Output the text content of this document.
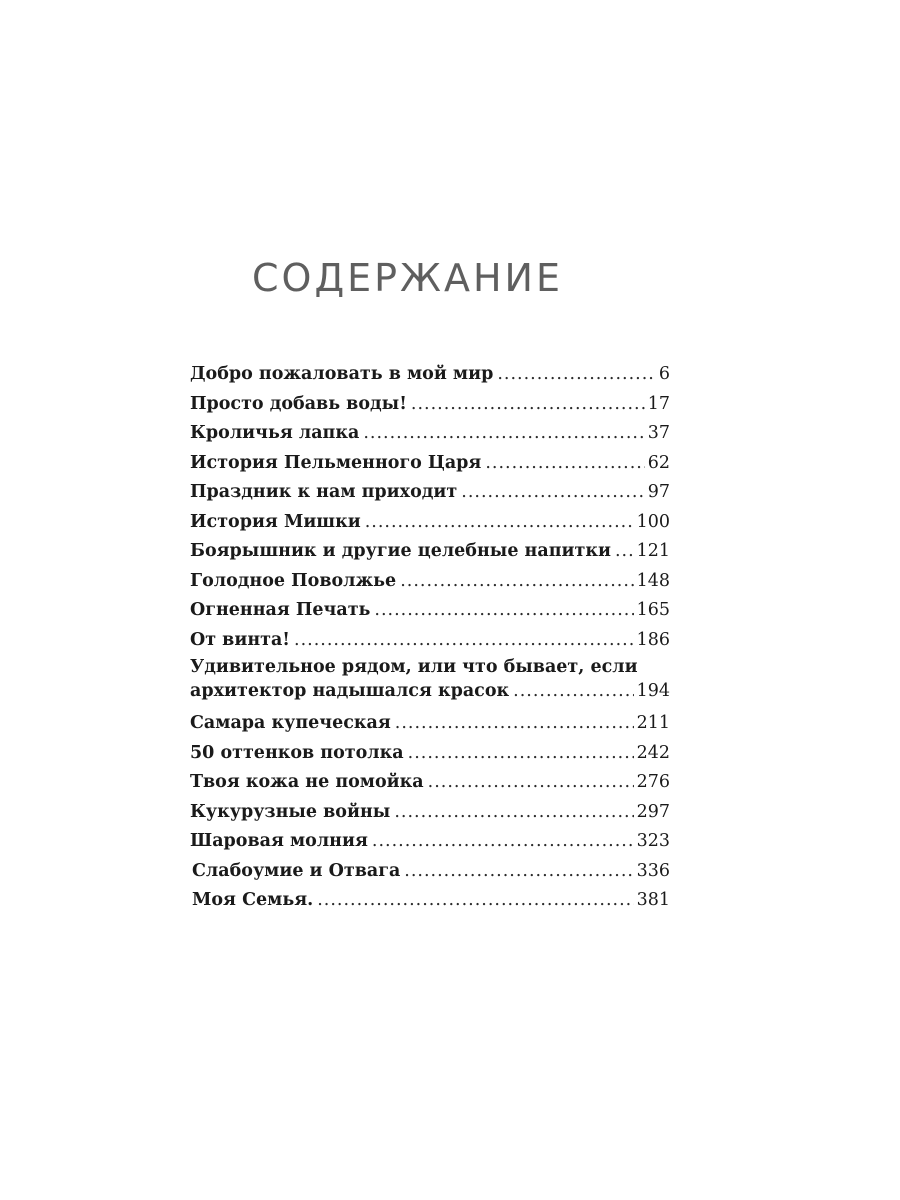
СОДЕРЖАНИЕ
Добро пожаловать в мой мир .....	6
Просто добавь воды! .....	17
Кроличья лапка .....	37
История Пельменного Царя .....	62
Праздник к нам приходит .....	97
История Мишки .....	100
Боярышник и другие целебные напитки ..... 121
Голодное Поволжье .....	148
Огненная Печать .....	165
От винта! .....	186
Удивительное рядом, или что бывает, если
архитектор надышался красок .....	194
Самара купеческая .....	211
50 оттенков потолка .....	242
Твоя кожа не помойка .....	276
Кукурузные войны .....	297
Шаровая молния .....	323
Слабоумие и Отвага .....	336
Моя Семья. .....	381
